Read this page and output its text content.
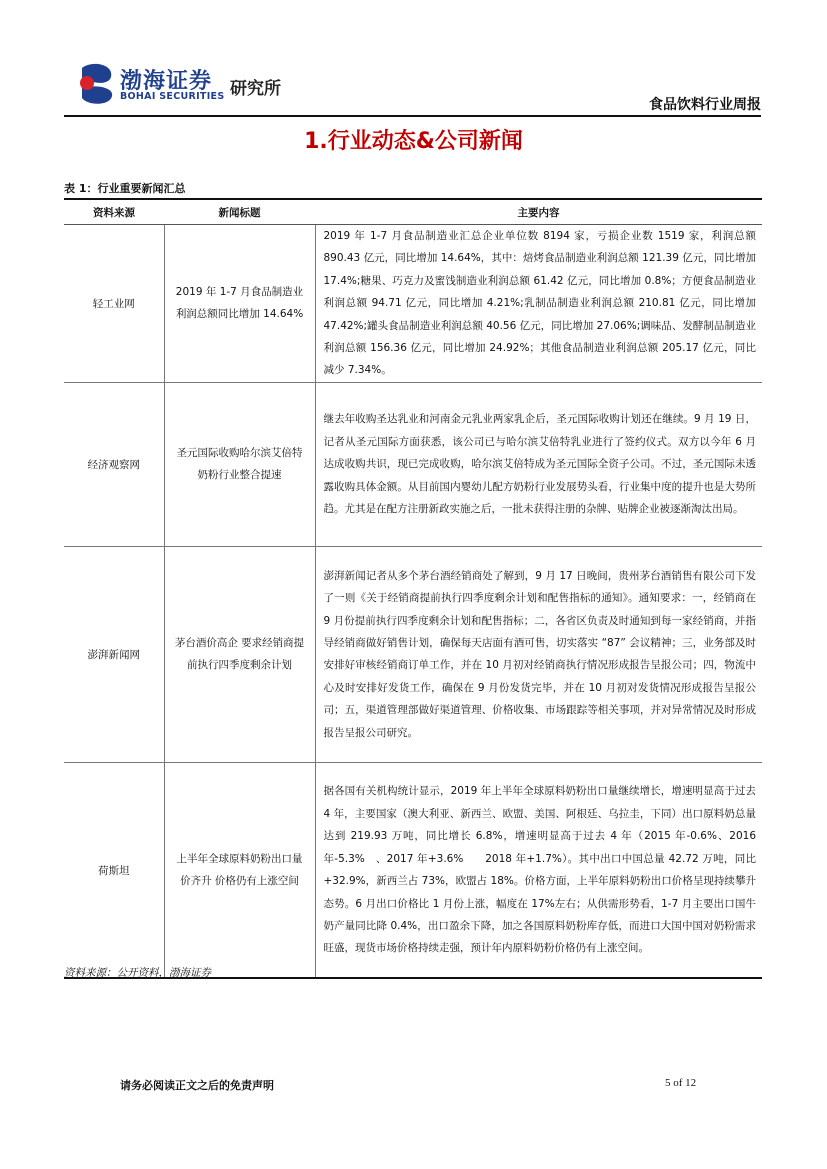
渤海证券
BOHAI SECURITIES 研究所
食品饮料行业周报
1.行业动态&公司新闻
表 1：行业重要新闻汇总
资料来源	新闻标题	主要内容
轻工业网	2019 年 1-7 月食品制造业利润总额同比增加 14.64%	2019 年 1-7 月食品制造业汇总企业单位数 8194 家，亏损企业数 1519 家，利润总额 890.43 亿元，同比增加 14.64%，其中：焙烤食品制造业利润总额 121.39 亿元，同比增加 17.4%;糖果、巧克力及蜜饯制造业利润总额 61.42 亿元，同比增加 0.8%；方便食品制造业利润总额 94.71 亿元，同比增加 4.21%;乳制品制造业利润总额 210.81 亿元，同比增加 47.42%;罐头食品制造业利润总额 40.56 亿元，同比增加 27.06%;调味品、发酵制品制造业利润总额 156.36 亿元，同比增加 24.92%；其他食品制造业利润总额 205.17 亿元，同比减少 7.34%。
经济观察网	圣元国际收购哈尔滨艾倍特 奶粉行业整合提速	继去年收购圣达乳业和河南金元乳业两家乳企后，圣元国际收购计划还在继续。9 月 19 日，记者从圣元国际方面获悉，该公司已与哈尔滨艾倍特乳业进行了签约仪式。双方以今年 6 月达成收购共识，现已完成收购，哈尔滨艾倍特成为圣元国际全资子公司。不过，圣元国际未透露收购具体金额。从目前国内婴幼儿配方奶粉行业发展势头看，行业集中度的提升也是大势所趋。尤其是在配方注册新政实施之后，一批未获得注册的杂牌、贴牌企业被逐渐淘汰出局。
澎湃新闻网	茅台酒价高企 要求经销商提前执行四季度剩余计划	澎湃新闻记者从多个茅台酒经销商处了解到，9 月 17 日晚间，贵州茅台酒销售有限公司下发了一则《关于经销商提前执行四季度剩余计划和配售指标的通知》。通知要求：一，经销商在 9 月份提前执行四季度剩余计划和配售指标；二，各省区负责及时通知到每一家经销商，并指导经销商做好销售计划，确保每天店面有酒可售，切实落实 “87” 会议精神；三，业务部及时安排好审核经销商订单工作，并在 10 月初对经销商执行情况形成报告呈报公司；四，物流中心及时安排好发货工作，确保在 9 月份发货完毕，并在 10 月初对发货情况形成报告呈报公司；五，渠道管理部做好渠道管理、价格收集、市场跟踪等相关事项，并对异常情况及时形成报告呈报公司研究。
荷斯坦	上半年全球原料奶粉出口量价齐升 价格仍有上涨空间	据各国有关机构统计显示，2019 年上半年全球原料奶粉出口量继续增长，增速明显高于过去 4 年，主要国家（澳大利亚、新西兰、欧盟、美国、阿根廷、乌拉圭，下同）出口原料奶总量达到 219.93 万吨，同比增长 6.8%，增速明显高于过去 4 年（2015 年-0.6%、2016 年-5.3%　、2017 年+3.6%　　2018 年+1.7%）。其中出口中国总量 42.72 万吨，同比+32.9%，新西兰占 73%，欧盟占 18%。价格方面，上半年原料奶粉出口价格呈现持续攀升态势。6 月出口价格比 1 月份上涨，幅度在 17%左右；从供需形势看，1-7 月主要出口国牛奶产量同比降 0.4%，出口盈余下降，加之各国原料奶粉库存低，而进口大国中国对奶粉需求旺盛，现货市场价格持续走强，预计年内原料奶粉价格仍有上涨空间。
资料来源：公开资料，渤海证券
请务必阅读正文之后的免责声明	5 of 12
